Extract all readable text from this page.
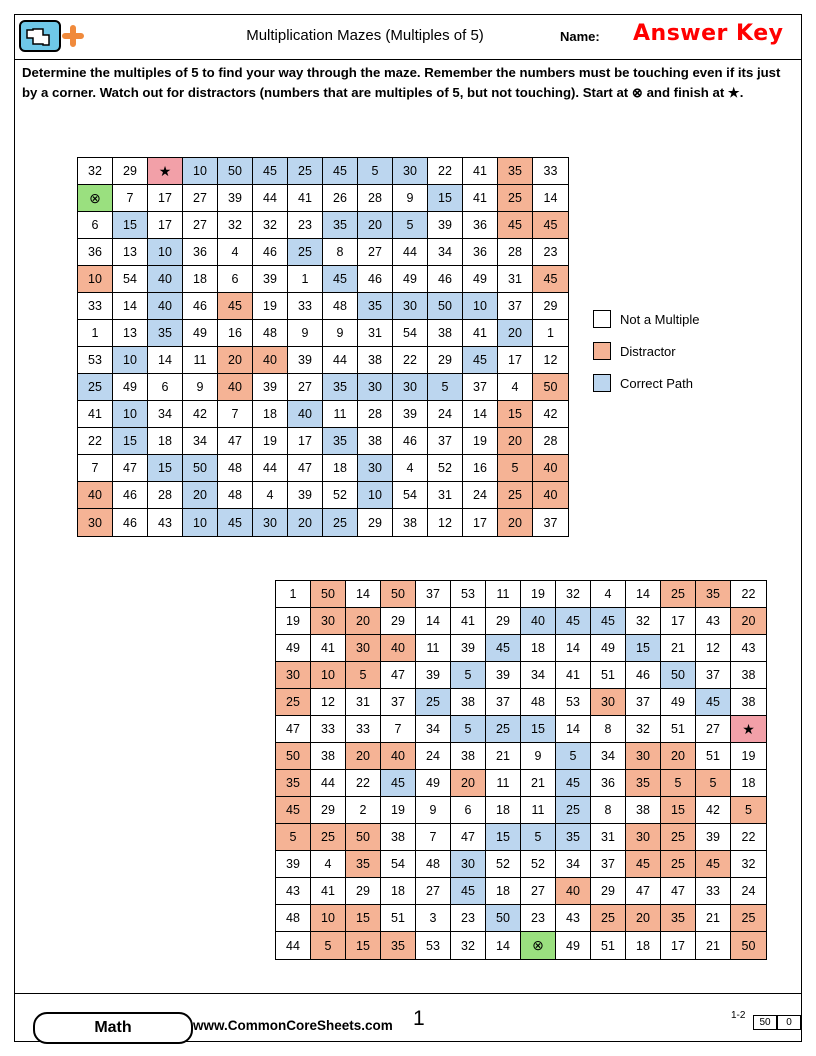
Multiplication Mazes (Multiples of 5)	Name: Answer Key
Determine the multiples of 5 to find your way through the maze. Remember the numbers must be touching even if its just by a corner. Watch out for distractors (numbers that are multiples of 5, but not touching). Start at ⊗ and finish at ★.
32	29	★	10	50	45	25	45	5	30	22	41	35	33
⊗	7	17	27	39	44	41	26	28	9	15	41	25	14
6	15	17	27	32	32	23	35	20	5	39	36	45	45
36	13	10	36	4	46	25	8	27	44	34	36	28	23
10	54	40	18	6	39	1	45	46	49	46	49	31	45
33	14	40	46	45	19	33	48	35	30	50	10	37	29
1	13	35	49	16	48	9	9	31	54	38	41	20	1
53	10	14	11	20	40	39	44	38	22	29	45	17	12
25	49	6	9	40	39	27	35	30	30	5	37	4	50
41	10	34	42	7	18	40	11	28	39	24	14	15	42
22	15	18	34	47	19	17	35	38	46	37	19	20	28
7	47	15	50	48	44	47	18	30	4	52	16	5	40
40	46	28	20	48	4	39	52	10	54	31	24	25	40
30	46	43	10	45	30	20	25	29	38	12	17	20	37
Not a Multiple
Distractor
Correct Path
1	50	14	50	37	53	11	19	32	4	14	25	35	22
19	30	20	29	14	41	29	40	45	45	32	17	43	20
49	41	30	40	11	39	45	18	14	49	15	21	12	43
30	10	5	47	39	5	39	34	41	51	46	50	37	38
25	12	31	37	25	38	37	48	53	30	37	49	45	38
47	33	33	7	34	5	25	15	14	8	32	51	27	★
50	38	20	40	24	38	21	9	5	34	30	20	51	19
35	44	22	45	49	20	11	21	45	36	35	5	5	18
45	29	2	19	9	6	18	11	25	8	38	15	42	5
5	25	50	38	7	47	15	5	35	31	30	25	39	22
39	4	35	54	48	30	52	52	34	37	45	25	45	32
43	41	29	18	27	45	18	27	40	29	47	47	33	24
48	10	15	51	3	23	50	23	43	25	20	35	21	25
44	5	15	35	53	32	14	⊗	49	51	18	17	21	50
Math	www.CommonCoreSheets.com 1	1-2
50	0
